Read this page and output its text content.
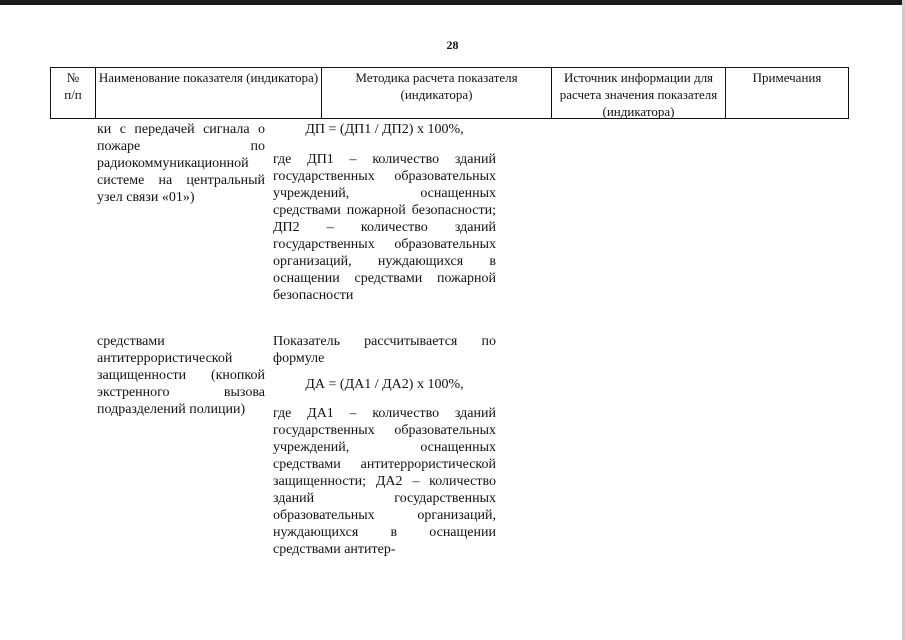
28
№
п/п
Наименование показателя (индикатора)	Методика расчета показателя (индикатора)
Источник информации для расчета значения показателя (индикатора)
Примечания
ки с передачей сигнала о пожаре по радиокоммуникационной системе на центральный узел связи «01»)
ДП = (ДП1 / ДП2) х 100%,
где ДП1 – количество зданий государственных образовательных учреждений, оснащенных средствами пожарной безопасности; ДП2 – количество зданий государственных образовательных организаций, нуждающихся в оснащении средствами пожарной безопасности
средствами антитеррористической защищенности (кнопкой экстренного вызова подразделений полиции)
Показатель рассчитывается по формуле
ДА = (ДА1 / ДА2) х 100%,
где ДА1 – количество зданий государственных образовательных учреждений, оснащенных средствами антитеррористической защищенности; ДА2 – количество зданий государственных образовательных организаций, нуждающихся в оснащении средствами антитер-
